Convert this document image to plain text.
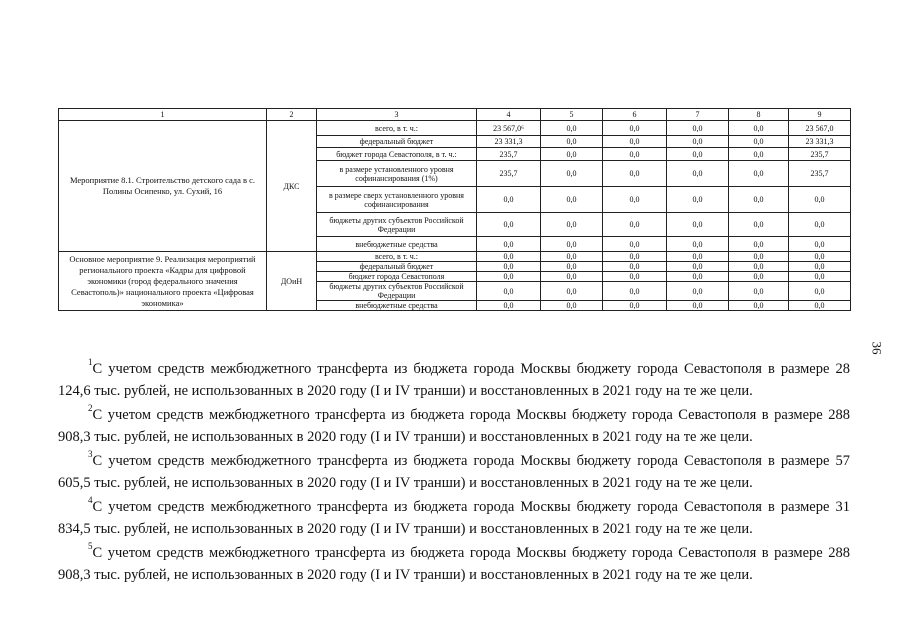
1	2	3	4	5	6	7	8	9
Мероприятие 8.1. Строительство детского сада в с. Полины Осипенко, ул. Сухий, 16	ДКС	всего, в т. ч.:	23 567,0⁶	0,0	0,0	0,0	0,0	23 567,0
		федеральный бюджет	23 331,3	0,0	0,0	0,0	0,0	23 331,3
		бюджет города Севастополя, в т. ч.:	235,7	0,0	0,0	0,0	0,0	235,7
		в размере установленного уровня софинансирования (1%)	235,7	0,0	0,0	0,0	0,0	235,7
		в размере сверх установленного уровня софинансирования	0,0	0,0	0,0	0,0	0,0	0,0
		бюджеты других субъектов Российской Федерации	0,0	0,0	0,0	0,0	0,0	0,0
		внебюджетные средства	0,0	0,0	0,0	0,0	0,0	0,0
Основное мероприятие 9. Реализация мероприятий регионального проекта «Кадры для цифровой экономики (город федерального значения Севастополь)» национального проекта «Цифровая экономика»	ДОиН	всего, в т. ч.:	0,0	0,0	0,0	0,0	0,0	0,0
		федеральный бюджет	0,0	0,0	0,0	0,0	0,0	0,0
		бюджет города Севастополя	0,0	0,0	0,0	0,0	0,0	0,0
		бюджеты других субъектов Российской Федерации	0,0	0,0	0,0	0,0	0,0	0,0
		внебюджетные средства	0,0	0,0	0,0	0,0	0,0	0,0
36

$^1$С учетом средств межбюджетного трансферта из бюджета города Москвы бюджету города Севастополя в размере 28 124,6 тыс. рублей, не использованных в 2020 году (I и IV транши) и восстановленных в 2021 году на те же цели.

$^2$С учетом средств межбюджетного трансферта из бюджета города Москвы бюджету города Севастополя в размере 288 908,3 тыс. рублей, не использованных в 2020 году (I и IV транши) и восстановленных в 2021 году на те же цели.

$^3$С учетом средств межбюджетного трансферта из бюджета города Москвы бюджету города Севастополя в размере 57 605,5 тыс. рублей, не использованных в 2020 году (I и IV транши) и восстановленных в 2021 году на те же цели.

$^4$С учетом средств межбюджетного трансферта из бюджета города Москвы бюджету города Севастополя в размере 31 834,5 тыс. рублей, не использованных в 2020 году (I и IV транши) и восстановленных в 2021 году на те же цели.

$^5$С учетом средств межбюджетного трансферта из бюджета города Москвы бюджету города Севастополя в размере 288 908,3 тыс. рублей, не использованных в 2020 году (I и IV транши) и восстановленных в 2021 году на те же цели.
